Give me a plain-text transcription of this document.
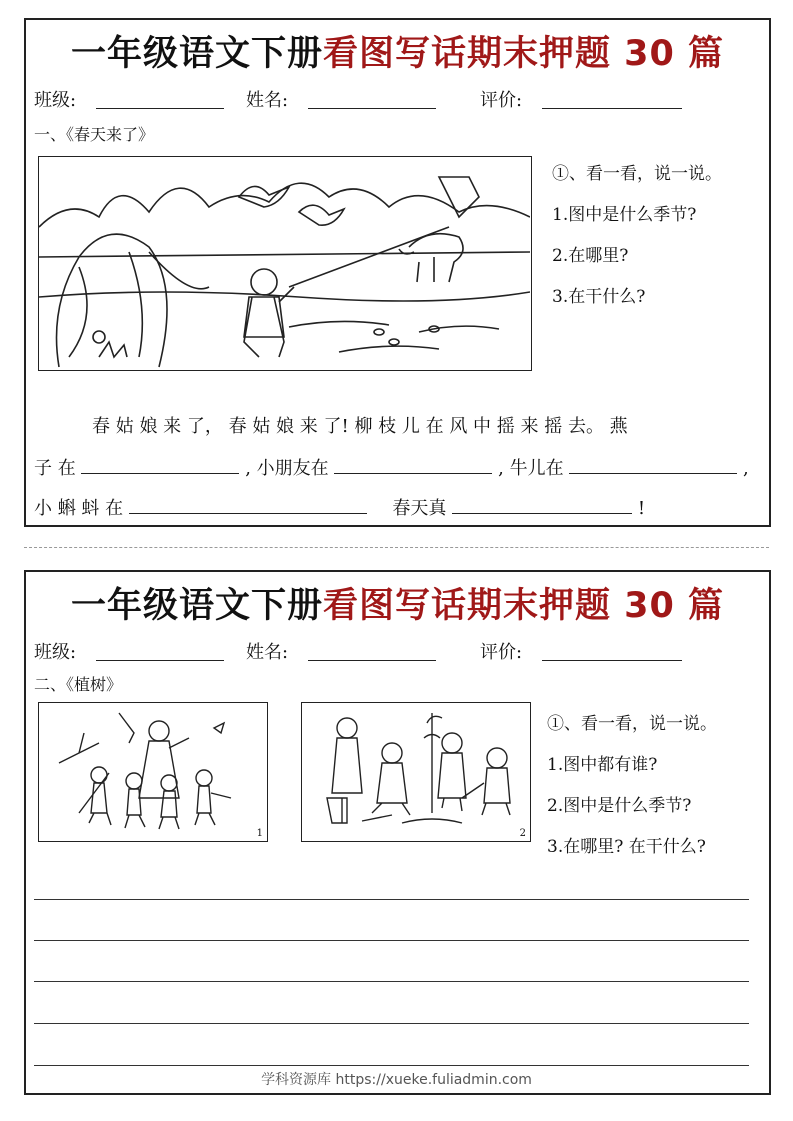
一年级语文下册看图写话期末押题 30 篇
班级:	姓名:	评价:
一、《春天来了》
①、看一看，说一说。
1.图中是什么季节?
2.在哪里?
3.在干什么?
春 姑 娘 来 了， 春 姑 娘 来 了! 柳 枝 儿 在 风 中 摇 来 摇 去。 燕
子 在	, 小朋友在	, 牛儿在	,
小 蝌 蚪 在	春天真	!
一年级语文下册看图写话期末押题 30 篇
班级:	姓名:	评价:
二、《植树》
1	2
①、看一看，说一说。
1.图中都有谁?
2.图中是什么季节?
3.在哪里? 在干什么?
学科资源库 https://xueke.fuliadmin.com
